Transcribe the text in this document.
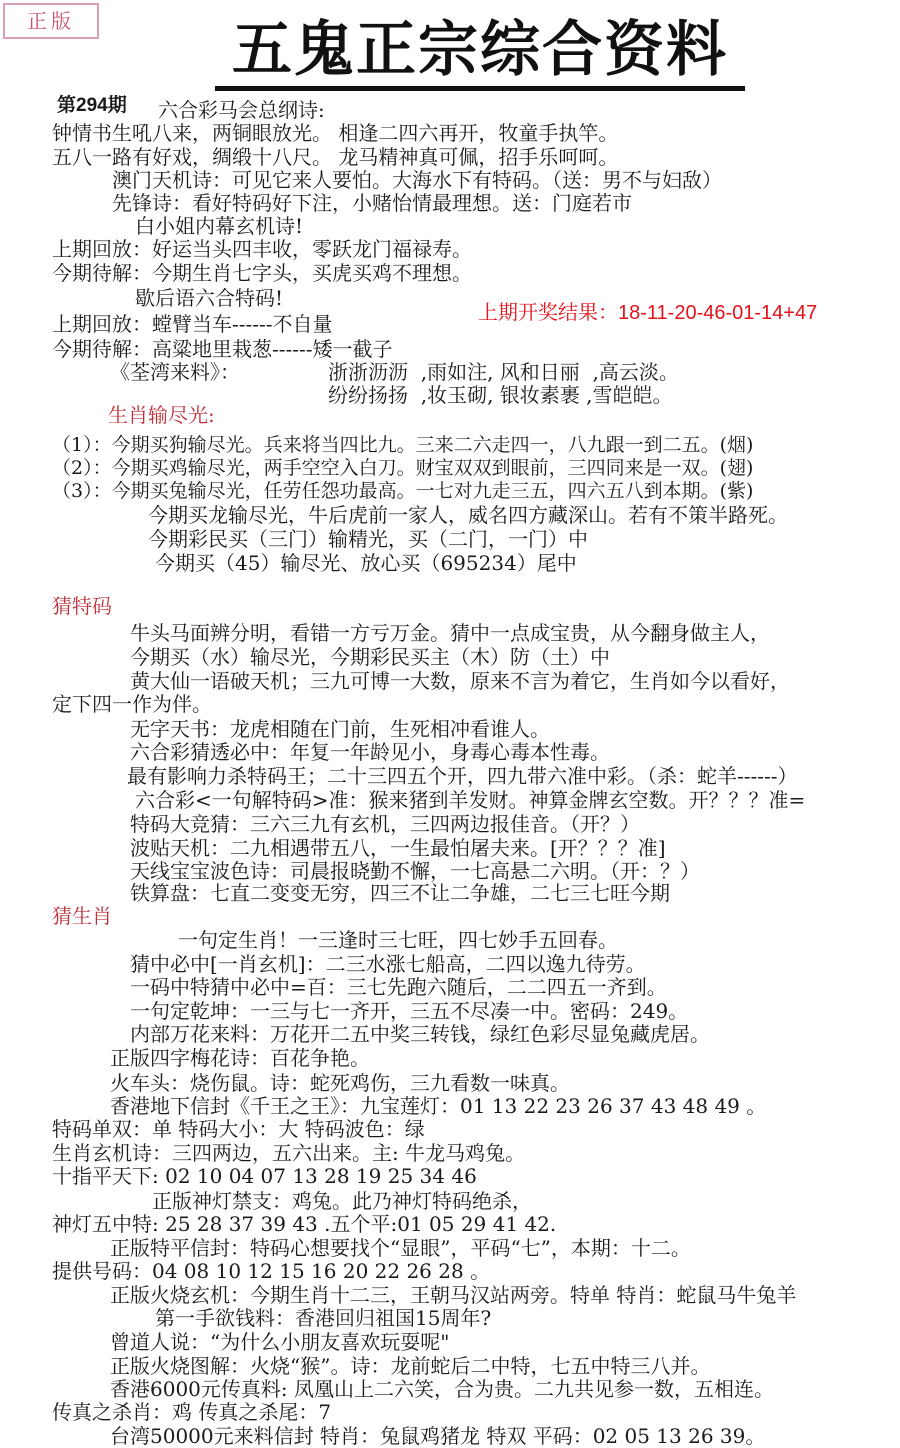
正版	五鬼正宗综合资料
第294期
上期开奖结果：18-11-20-46-01-14+47
六合彩马会总纲诗:
钟情书生吼八来，两铜眼放光。 相逢二四六再开，牧童手执竿。
五八一路有好戏，绸缎十八尺。 龙马精神真可佩，招手乐呵呵。
澳门天机诗：可见它来人要怕。大海水下有特码。（送：男不与妇敌）
先锋诗：看好特码好下注，小赌怡情最理想。送：门庭若市
白小姐内幕玄机诗!
上期回放：好运当头四丰收，零跃龙门福禄寿。
今期待解：今期生肖七字头，买虎买鸡不理想。
歇后语六合特码!
上期回放：螳臂当车------不自量
今期待解：高粱地里栽葱------矮一截子
《荃湾来料》：	浙浙沥沥  ,雨如注, 风和日丽  ,高云淡。
纷纷扬扬  ,妆玉砌, 银妆素裹 ,雪皑皑。
生肖输尽光:
（1）：今期买狗输尽光。兵来将当四比九。三来二六走四一，八九跟一到二五。(烟)
（2）：今期买鸡输尽光，两手空空入白刀。财宝双双到眼前，三四同来是一双。(翅)
（3）：今期买兔输尽光，任劳任怨功最高。一七对九走三五，四六五八到本期。(紫)
今期买龙输尽光，牛后虎前一家人，威名四方藏深山。若有不策半路死。
今期彩民买（三门）输精光，买（二门，一门）中
今期买（45）输尽光、放心买（695234）尾中
猜特码
牛头马面辨分明，看错一方亏万金。猜中一点成宝贵，从今翻身做主人，
今期买（水）输尽光，今期彩民买主（木）防（土）中
黄大仙一语破天机；三九可博一大数，原来不言为着它，生肖如今以看好，
定下四一作为伴。
无字天书：龙虎相随在门前，生死相冲看谁人。
六合彩猜透必中：年复一年龄见小，身毒心毒本性毒。
最有影响力杀特码王；二十三四五个开，四九带六准中彩。（杀：蛇羊------）
六合彩<一句解特码>准：猴来猪到羊发财。神算金牌玄空数。开？？？准=
特码大竞猜：三六三九有玄机，三四两边报佳音。（开？）
波贴天机：二九相遇带五八，一生最怕屠夫来。[开？？？准]
天线宝宝波色诗：司晨报晓勤不懈，一七高悬二六明。（开：？）
铁算盘：七直二变变无穷，四三不让二争雄，二七三七旺今期
猜生肖
一句定生肖！一三逢时三七旺，四七妙手五回春。
猜中必中[一肖玄机]：二三水涨七船高，二四以逸九待劳。
一码中特猜中必中=百：三七先跑六随后，二二四五一齐到。
一句定乾坤：一三与七一齐开，三五不尽凑一中。密码：249。
内部万花来料：万花开二五中奖三转钱，绿红色彩尽显兔藏虎居。
正版四字梅花诗：百花争艳。
火车头：烧伤鼠。诗：蛇死鸡伤，三九看数一味真。
香港地下信封《千王之王》：九宝莲灯：01 13 22 23 26 37 43 48 49 。
特码单双：单 特码大小：大 特码波色：绿
生肖玄机诗：三四两边，五六出来。主: 牛龙马鸡兔。
十指平天下: 02 10 04 07 13 28 19 25 34 46
正版神灯禁支：鸡兔。此乃神灯特码绝杀，
神灯五中特: 25 28 37 39 43 .五个平:01 05 29 41 42.
正版特平信封：特码心想要找个“显眼”，平码“七”，本期：十二。
提供号码：04 08 10 12 15 16 20 22 26 28 。
正版火烧玄机：今期生肖十二三，王朝马汉站两旁。特单 特肖：蛇鼠马牛兔羊
第一手欲钱料：香港回归祖国15周年?
曾道人说：“为什么小朋友喜欢玩耍呢"
正版火烧图解：火烧“猴”。诗：龙前蛇后二中特，七五中特三八并。
香港6000元传真料: 凤凰山上二六笑，合为贵。二九共见参一数，五相连。
传真之杀肖：鸡 传真之杀尾：7
台湾50000元来料信封 特肖：兔鼠鸡猪龙 特双 平码：02 05 13 26 39。
